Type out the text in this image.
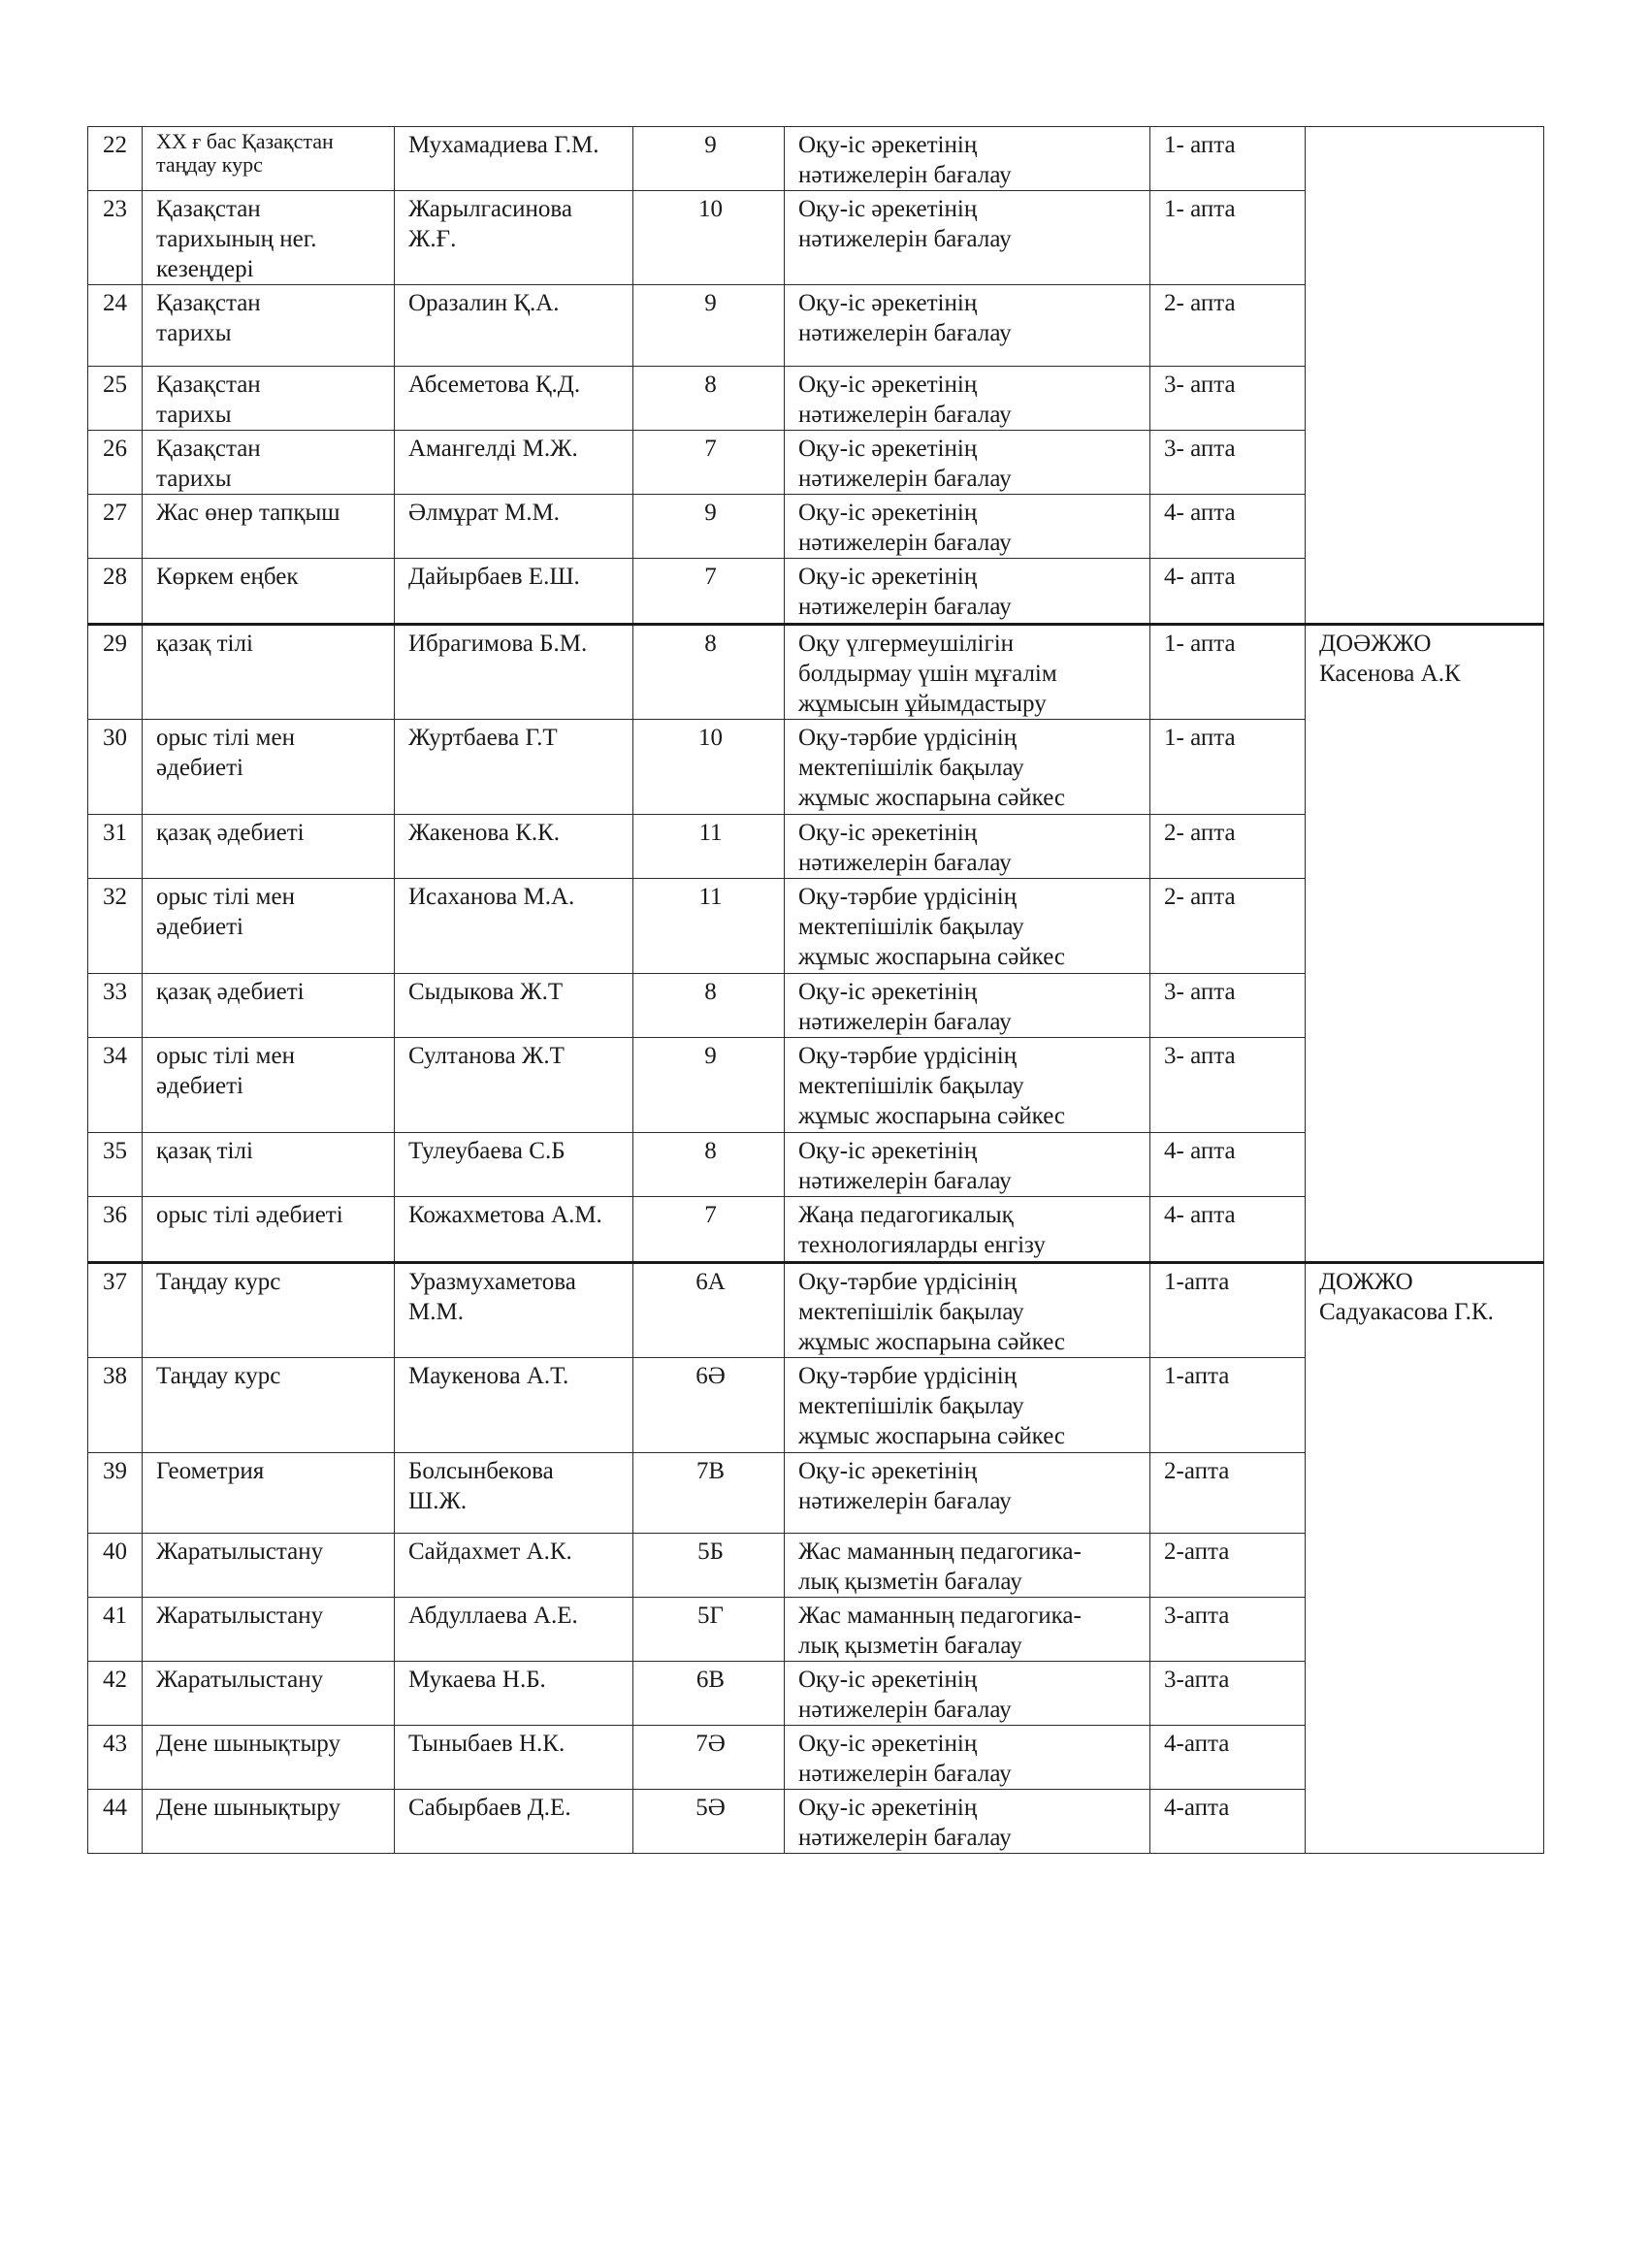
22	XX ғ бас Қазақстан
таңдау курс	Мухамадиева Г.М.	9	Оқу-іс әрекетінің
нәтижелерін бағалау	1- апта	
23	Қазақстан
тарихының нег.
кезеңдері	Жарылгасинова
Ж.Ғ.	10	Оқу-іс әрекетінің
нәтижелерін бағалау	1- апта	
24	Қазақстан
тарихы	Оразалин Қ.А.	9	Оқу-іс әрекетінің
нәтижелерін бағалау	2- апта	
25	Қазақстан
тарихы	Абсеметова Қ.Д.	8	Оқу-іс әрекетінің
нәтижелерін бағалау	3- апта	
26	Қазақстан
тарихы	Амангелді М.Ж.	7	Оқу-іс әрекетінің
нәтижелерін бағалау	3- апта	
27	Жас өнер тапқыш	Әлмұрат М.М.	9	Оқу-іс әрекетінің
нәтижелерін бағалау	4- апта	
28	Көркем еңбек	Дайырбаев Е.Ш.	7	Оқу-іс әрекетінің
нәтижелерін бағалау	4- апта	
29	қазақ тілі	Ибрагимова Б.М.	8	Оқу үлгермеушілігін
болдырмау үшін мұғалім
жұмысын ұйымдастыру	1- апта	ДОӘЖЖО
Касенова А.К

30	орыс тілі мен
әдебиеті	Журтбаева Г.Т	10	Оқу-тәрбие үрдісінің
мектепішілік бақылау
жұмыс жоспарына сәйкес	1- апта	
31	қазақ әдебиеті	Жакенова К.К.	11	Оқу-іс әрекетінің
нәтижелерін бағалау	2- апта	
32	орыс тілі мен
әдебиеті	Исаханова М.А.	11	Оқу-тәрбие үрдісінің
мектепішілік бақылау
жұмыс жоспарына сәйкес	2- апта	
33	қазақ әдебиеті	Сыдыкова Ж.Т	8	Оқу-іс әрекетінің
нәтижелерін бағалау	3- апта	
34	орыс тілі мен
әдебиеті	Султанова Ж.Т	9	Оқу-тәрбие үрдісінің
мектепішілік бақылау
жұмыс жоспарына сәйкес	3- апта	
35	қазақ тілі	Тулеубаева С.Б	8	Оқу-іс әрекетінің
нәтижелерін бағалау	4- апта	
36	орыс тілі әдебиеті	Кожахметова А.М.	7	Жаңа педагогикалық
технологияларды енгізу	4- апта	
37	Таңдау курс	Уразмухаметова
М.М.	6А	Оқу-тәрбие үрдісінің
мектепішілік бақылау
жұмыс жоспарына сәйкес	1-апта	ДОЖЖО
Садуакасова Г.К.

38	Таңдау курс	Маукенова А.Т.	6Ә	Оқу-тәрбие үрдісінің
мектепішілік бақылау
жұмыс жоспарына сәйкес	1-апта	
39	Геометрия	Болсынбекова
Ш.Ж.	7В	Оқу-іс әрекетінің
нәтижелерін бағалау	2-апта	
40	Жаратылыстану	Сайдахмет А.К.	5Б	Жас маманның педагогика-
лық қызметін бағалау	2-апта	
41	Жаратылыстану	Абдуллаева А.Е.	5Г	Жас маманның педагогика-
лық қызметін бағалау	3-апта	
42	Жаратылыстану	Мукаева Н.Б.	6В	Оқу-іс әрекетінің
нәтижелерін бағалау	3-апта	
43	Дене шынықтыру	Тыныбаев Н.К.	7Ә	Оқу-іс әрекетінің
нәтижелерін бағалау	4-апта	
44	Дене шынықтыру	Сабырбаев Д.Е.	5Ә	Оқу-іс әрекетінің
нәтижелерін бағалау	4-апта	
